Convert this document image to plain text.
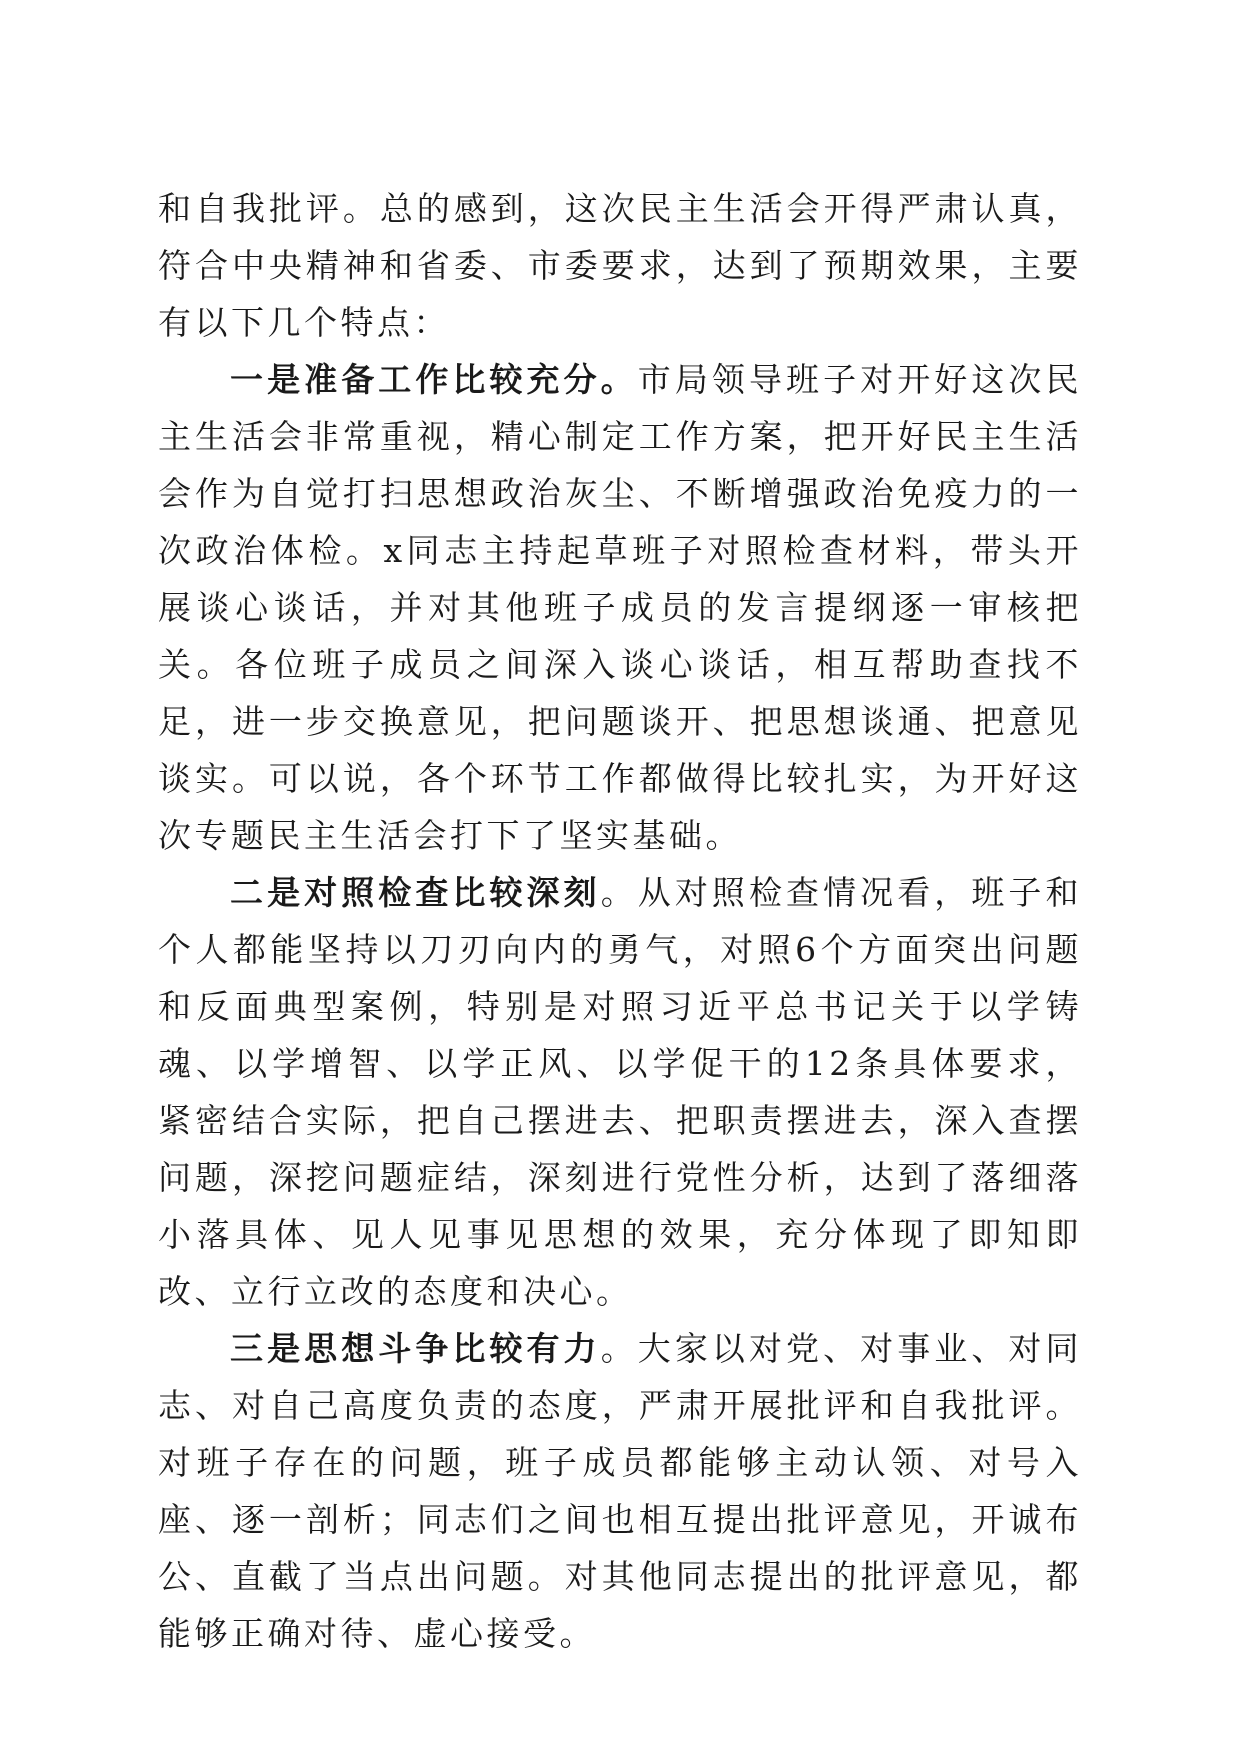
和自我批评。总的感到，这次民主生活会开得严肃认真，符合中央精神和省委、市委要求，达到了预期效果，主要有以下几个特点：

一是准备工作比较充分。市局领导班子对开好这次民主生活会非常重视，精心制定工作方案，把开好民主生活会作为自觉打扫思想政治灰尘、不断增强政治免疫力的一次政治体检。x同志主持起草班子对照检查材料，带头开展谈心谈话，并对其他班子成员的发言提纲逐一审核把关。各位班子成员之间深入谈心谈话，相互帮助查找不足，进一步交换意见，把问题谈开、把思想谈通、把意见谈实。可以说，各个环节工作都做得比较扎实，为开好这次专题民主生活会打下了坚实基础。

二是对照检查比较深刻。从对照检查情况看，班子和个人都能坚持以刀刃向内的勇气，对照6个方面突出问题和反面典型案例，特别是对照习近平总书记关于以学铸魂、以学增智、以学正风、以学促干的12条具体要求，紧密结合实际，把自己摆进去、把职责摆进去，深入查摆问题，深挖问题症结，深刻进行党性分析，达到了落细落小落具体、见人见事见思想的效果，充分体现了即知即改、立行立改的态度和决心。

三是思想斗争比较有力。大家以对党、对事业、对同志、对自己高度负责的态度，严肃开展批评和自我批评。对班子存在的问题，班子成员都能够主动认领、对号入座、逐一剖析；同志们之间也相互提出批评意见，开诚布公、直截了当点出问题。对其他同志提出的批评意见，都能够正确对待、虚心接受。
